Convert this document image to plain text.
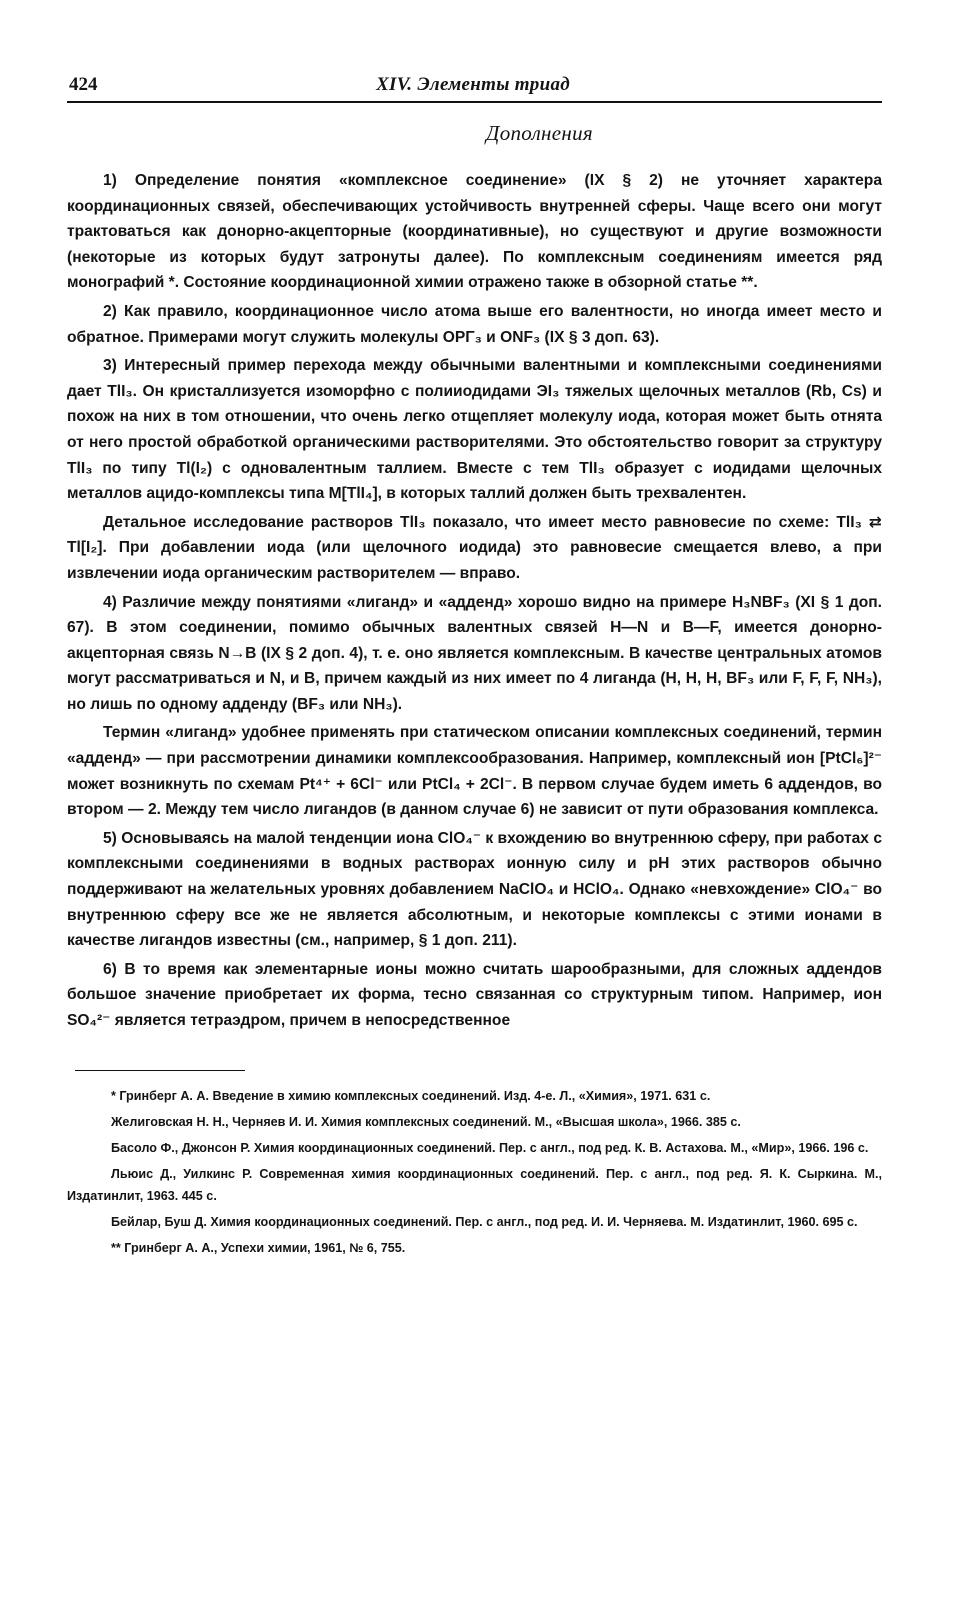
424	XIV. Элементы триад
Дополнения

1) Определение понятия «комплексное соединение» (IX § 2) не уточняет характера координационных связей, обеспечивающих устойчивость внутренней сферы. Чаще всего они могут трактоваться как донорно-акцепторные (координативные), но существуют и другие возможности (некоторые из которых будут затронуты далее). По комплексным соединениям имеется ряд монографий *. Состояние координационной химии отражено также в обзорной статье **.

2) Как правило, координационное число атома выше его валентности, но иногда имеет место и обратное. Примерами могут служить молекулы OPΓ₃ и ONF₃ (IX § 3 доп. 63).

3) Интересный пример перехода между обычными валентными и комплексными соединениями дает TlI₃. Он кристаллизуется изоморфно с полииодидами ЭI₃ тяжелых щелочных металлов (Rb, Cs) и похож на них в том отношении, что очень легко отщепляет молекулу иода, которая может быть отнята от него простой обработкой органическими растворителями. Это обстоятельство говорит за структуру TlI₃ по типу Tl(I₂) с одновалентным таллием. Вместе с тем TlI₃ образует с иодидами щелочных металлов ацидо-комплексы типа M[TlI₄], в которых таллий должен быть трехвалентен.

Детальное исследование растворов TlI₃ показало, что имеет место равновесие по схеме: TlI₃ ⇄ Tl[I₂]. При добавлении иода (или щелочного иодида) это равновесие смещается влево, а при извлечении иода органическим растворителем — вправо.

4) Различие между понятиями «лиганд» и «адденд» хорошо видно на примере H₃NBF₃ (XI § 1 доп. 67). В этом соединении, помимо обычных валентных связей H—N и B—F, имеется донорно-акцепторная связь N→B (IX § 2 доп. 4), т. е. оно является комплексным. В качестве центральных атомов могут рассматриваться и N, и B, причем каждый из них имеет по 4 лиганда (H, H, H, BF₃ или F, F, F, NH₃), но лишь по одному адденду (BF₃ или NH₃).

Термин «лиганд» удобнее применять при статическом описании комплексных соединений, термин «адденд» — при рассмотрении динамики комплексообразования. Например, комплексный ион [PtCl₆]²⁻ может возникнуть по схемам Pt⁴⁺ + 6Cl⁻ или PtCl₄ + 2Cl⁻. В первом случае будем иметь 6 аддендов, во втором — 2. Между тем число лигандов (в данном случае 6) не зависит от пути образования комплекса.

5) Основываясь на малой тенденции иона ClO₄⁻ к вхождению во внутреннюю сферу, при работах с комплексными соединениями в водных растворах ионную силу и pH этих растворов обычно поддерживают на желательных уровнях добавлением NaClO₄ и HClO₄. Однако «невхождение» ClO₄⁻ во внутреннюю сферу все же не является абсолютным, и некоторые комплексы с этими ионами в качестве лигандов известны (см., например, § 1 доп. 211).

6) В то время как элементарные ионы можно считать шарообразными, для сложных аддендов большое значение приобретает их форма, тесно связанная со структурным типом. Например, ион SO₄²⁻ является тетраэдром, причем в непосредственное

* Гринберг А. А. Введение в химию комплексных соединений. Изд. 4-е. Л., «Химия», 1971. 631 с.

Желиговская Н. Н., Черняев И. И. Химия комплексных соединений. М., «Высшая школа», 1966. 385 с.

Басоло Ф., Джонсон Р. Химия координационных соединений. Пер. с англ., под ред. К. В. Астахова. М., «Мир», 1966. 196 с.

Льюис Д., Уилкинс Р. Современная химия координационных соединений. Пер. с англ., под ред. Я. К. Сыркина. М., Издатинлит, 1963. 445 с.

Бейлар, Буш Д. Химия координационных соединений. Пер. с англ., под ред. И. И. Черняева. М. Издатинлит, 1960. 695 с.

** Гринберг А. А., Успехи химии, 1961, № 6, 755.
